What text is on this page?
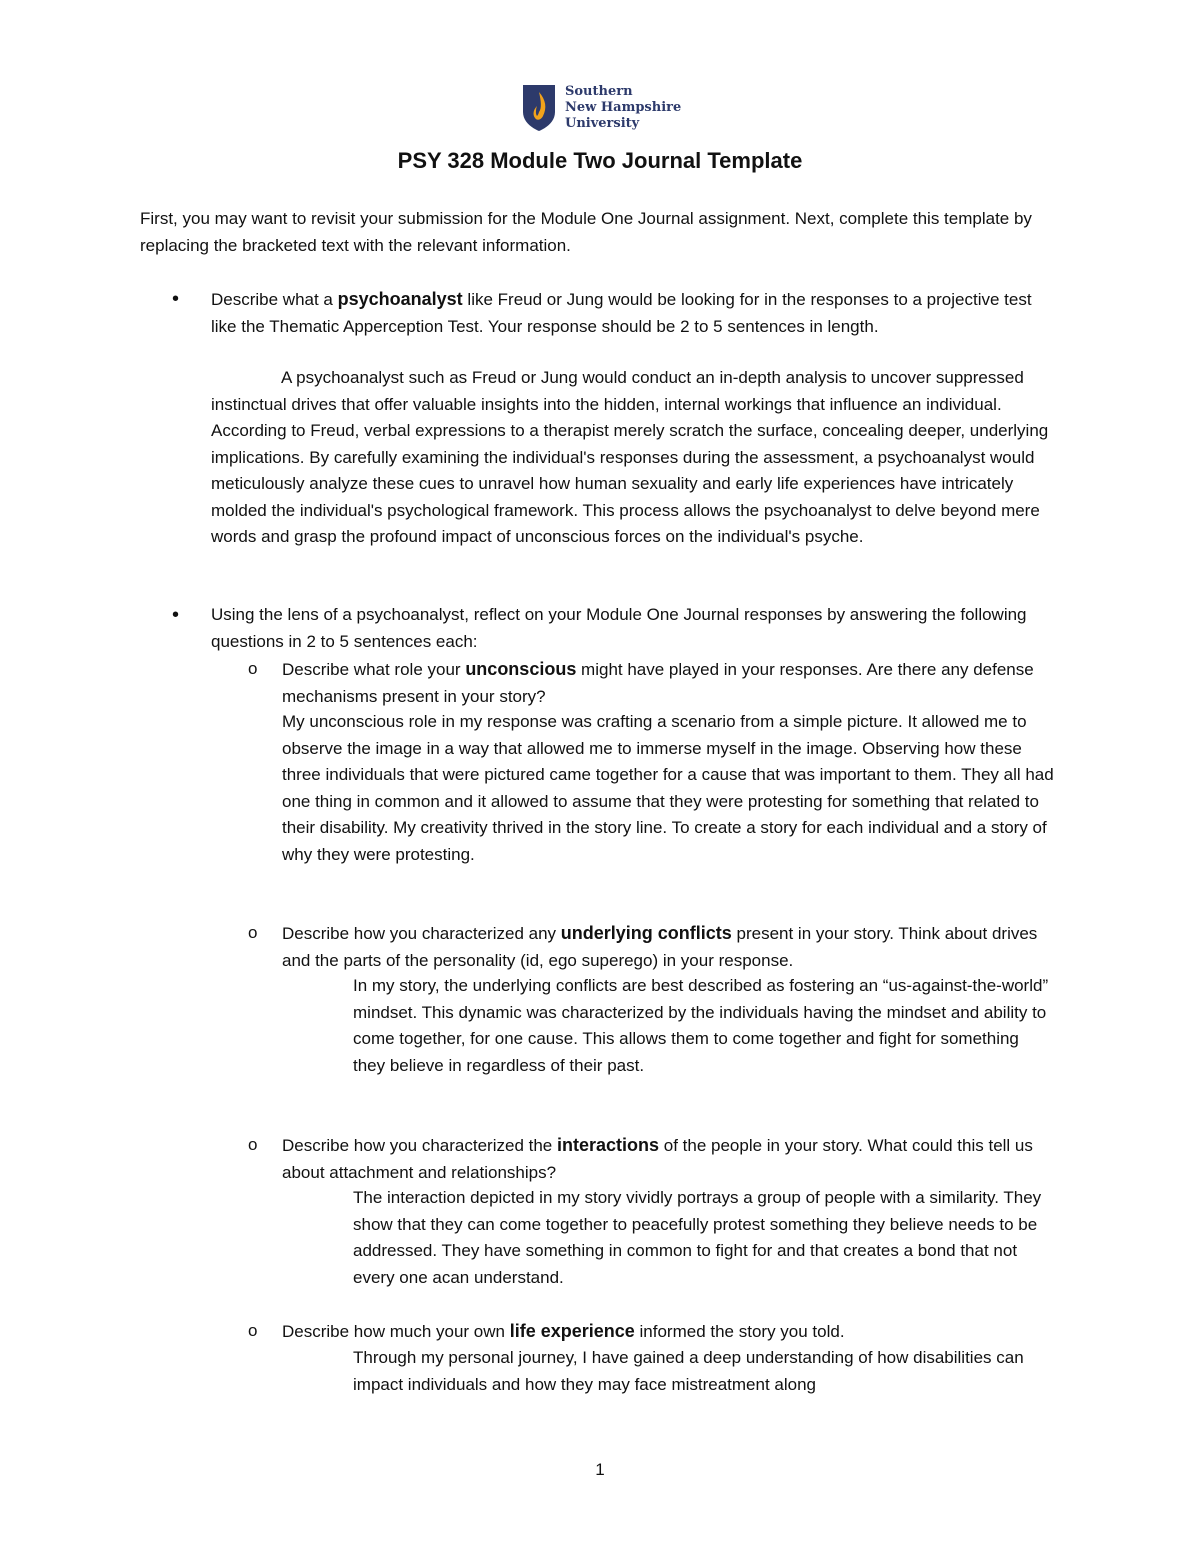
Southern
New Hampshire
University
PSY 328 Module Two Journal Template

First, you may want to revisit your submission for the Module One Journal assignment. Next, complete this template by replacing the bracketed text with the relevant information.

• Describe what a psychoanalyst like Freud or Jung would be looking for in the responses to a projective test like the Thematic Apperception Test. Your response should be 2 to 5 sentences in length.

A psychoanalyst such as Freud or Jung would conduct an in-depth analysis to uncover suppressed instinctual drives that offer valuable insights into the hidden, internal workings that influence an individual. According to Freud, verbal expressions to a therapist merely scratch the surface, concealing deeper, underlying implications. By carefully examining the individual's responses during the assessment, a psychoanalyst would meticulously analyze these cues to unravel how human sexuality and early life experiences have intricately molded the individual's psychological framework. This process allows the psychoanalyst to delve beyond mere words and grasp the profound impact of unconscious forces on the individual's psyche.

• Using the lens of a psychoanalyst, reflect on your Module One Journal responses by answering the following questions in 2 to 5 sentences each:

o Describe what role your unconscious might have played in your responses. Are there any defense mechanisms present in your story?

My unconscious role in my response was crafting a scenario from a simple picture. It allowed me to observe the image in a way that allowed me to immerse myself in the image. Observing how these three individuals that were pictured came together for a cause that was important to them. They all had one thing in common and it allowed to assume that they were protesting for something that related to their disability. My creativity thrived in the story line. To create a story for each individual and a story of why they were protesting.

o Describe how you characterized any underlying conflicts present in your story. Think about drives and the parts of the personality (id, ego superego) in your response.

In my story, the underlying conflicts are best described as fostering an “us-against-the-world” mindset. This dynamic was characterized by the individuals having the mindset and ability to come together, for one cause. This allows them to come together and fight for something they believe in regardless of their past.

o Describe how you characterized the interactions of the people in your story. What could this tell us about attachment and relationships?

The interaction depicted in my story vividly portrays a group of people with a similarity. They show that they can come together to peacefully protest something they believe needs to be addressed. They have something in common to fight for and that creates a bond that not every one acan understand.

o Describe how much your own life experience informed the story you told.

Through my personal journey, I have gained a deep understanding of how disabilities can impact individuals and how they may face mistreatment along

1
